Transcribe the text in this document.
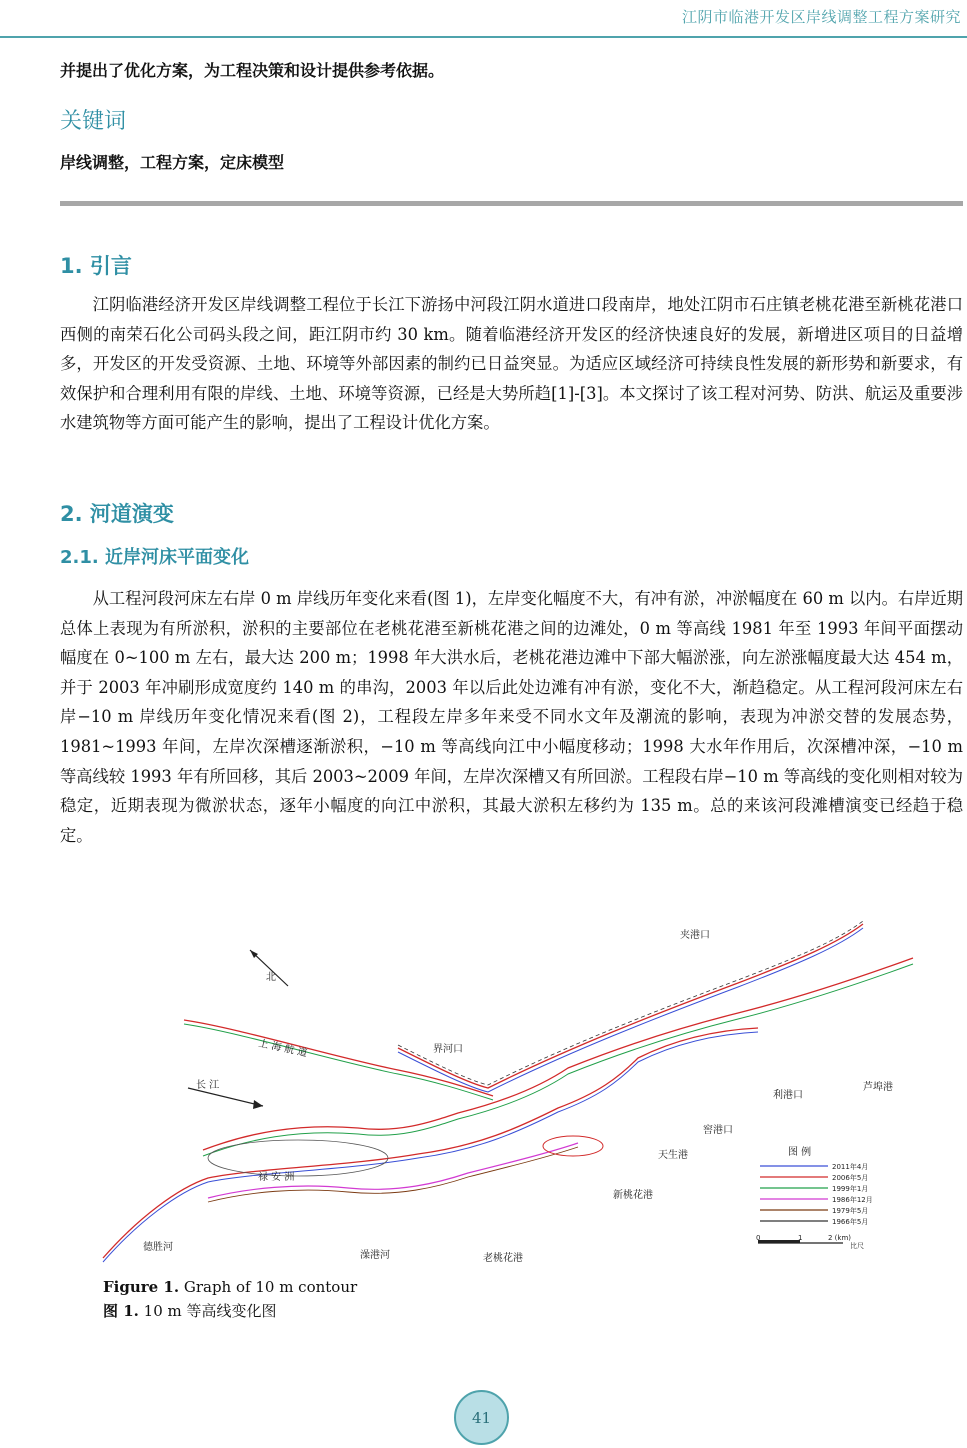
江阴市临港开发区岸线调整工程方案研究
并提出了优化方案，为工程决策和设计提供参考依据。
关键词
岸线调整，工程方案，定床模型
1. 引言

江阴临港经济开发区岸线调整工程位于长江下游扬中河段江阴水道进口段南岸，地处江阴市石庄镇老桃花港至新桃花港口西侧的南荣石化公司码头段之间，距江阴市约 30 km。随着临港经济开发区的经济快速良好的发展，新增进区项目的日益增多，开发区的开发受资源、土地、环境等外部因素的制约已日益突显。为适应区域经济可持续良性发展的新形势和新要求，有效保护和合理利用有限的岸线、土地、环境等资源，已经是大势所趋[1]-[3]。本文探讨了该工程对河势、防洪、航运及重要涉水建筑物等方面可能产生的影响，提出了工程设计优化方案。

2. 河道演变
2.1. 近岸河床平面变化

从工程河段河床左右岸 0 m 岸线历年变化来看(图 1)，左岸变化幅度不大，有冲有淤，冲淤幅度在 60 m 以内。右岸近期总体上表现为有所淤积，淤积的主要部位在老桃花港至新桃花港之间的边滩处，0 m 等高线 1981 年至 1993 年间平面摆动幅度在 0~100 m 左右，最大达 200 m；1998 年大洪水后，老桃花港边滩中下部大幅淤涨，向左淤涨幅度最大达 454 m，并于 2003 年冲刷形成宽度约 140 m 的串沟，2003 年以后此处边滩有冲有淤，变化不大，渐趋稳定。从工程河段河床左右岸−10 m 岸线历年变化情况来看(图 2)，工程段左岸多年来受不同水文年及潮流的影响，表现为冲淤交替的发展态势，1981~1993 年间，左岸次深槽逐渐淤积，−10 m 等高线向江中小幅度移动；1998 大水年作用后，次深槽冲深，−10 m 等高线较 1993 年有所回移，其后 2003~2009 年间，左岸次深槽又有所回淤。工程段右岸−10 m 等高线的变化则相对较为稳定，近期表现为微淤状态，逐年小幅度的向江中淤积，其最大淤积左移约为 135 m。总的来该河段滩槽演变已经趋于稳定。

北
夹港口
界河口
长 江
上 海 航 道
利港口
芦埠港
天生港
窖港口
禄 安 洲
新桃花港
德胜河
澡港河	老桃花港
图 例
2011年4月
2006年5月
1999年1月
1986年12月
1979年5月
1966年5月
0	1	2 (km)
比尺
Figure 1. Graph of 10 m contour
图 1. 10 m 等高线变化图
41
